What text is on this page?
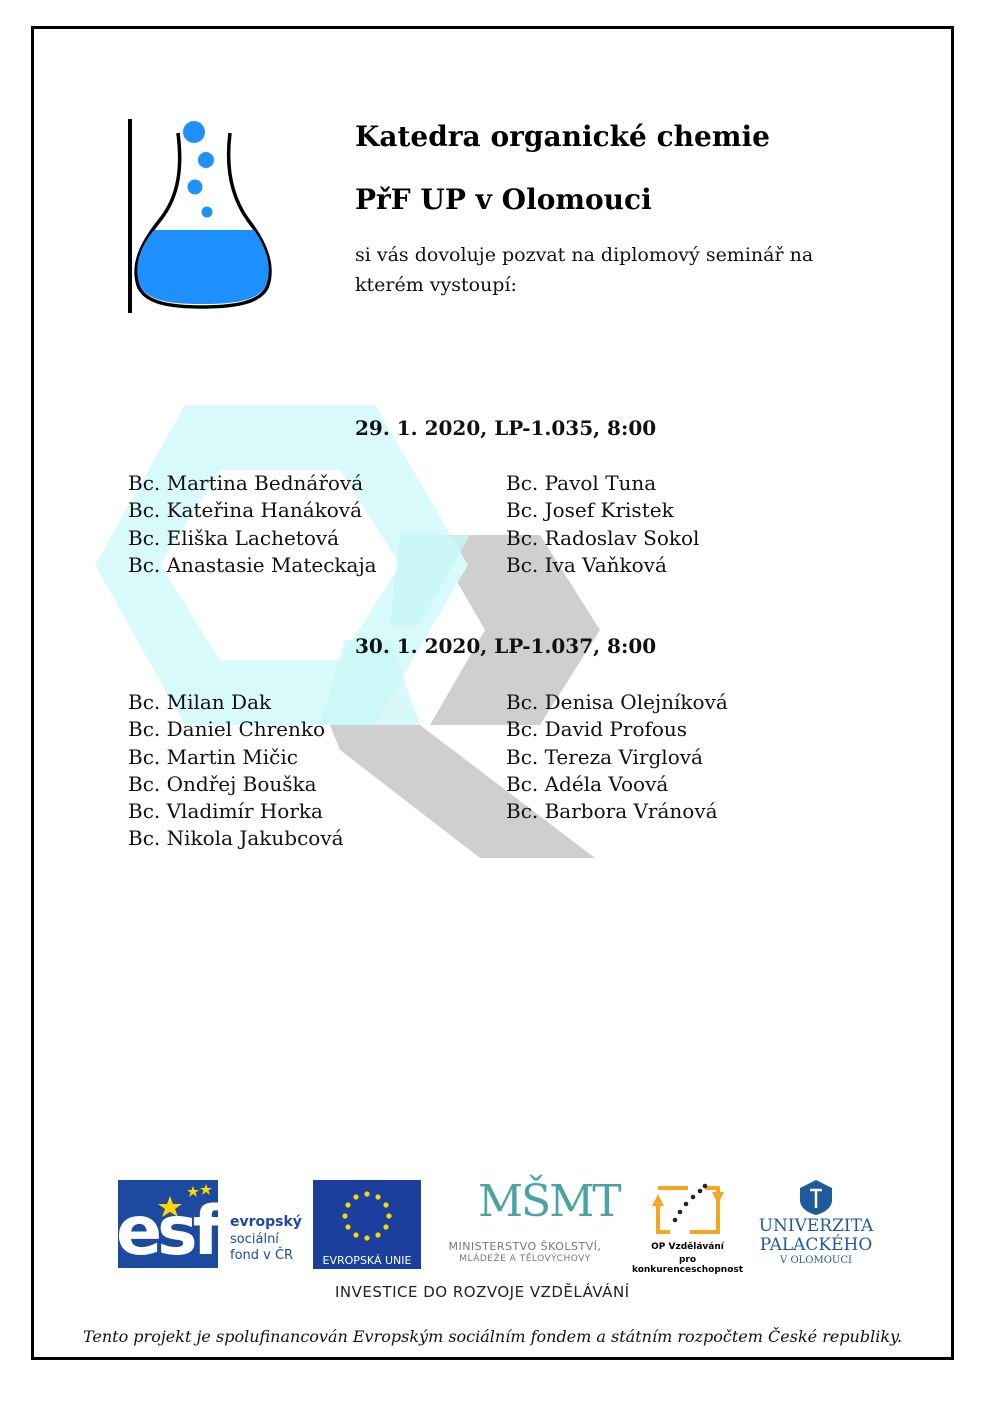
Katedra organické chemie
PřF UP v Olomouci
si vás dovoluje pozvat na diplomový seminář na kterém vystoupí:
29. 1. 2020, LP-1.035, 8:00
Bc. Martina Bednářová
Bc. Kateřina Hanáková
Bc. Eliška Lachetová
Bc. Anastasie Mateckaja
Bc. Pavol Tuna
Bc. Josef Kristek
Bc. Radoslav Sokol
Bc. Iva Vaňková
30. 1. 2020, LP-1.037, 8:00
Bc. Milan Dak
Bc. Daniel Chrenko
Bc. Martin Mičic
Bc. Ondřej Bouška
Bc. Vladimír Horka
Bc. Nikola Jakubcová
Bc. Denisa Olejníková
Bc. David Profous
Bc. Tereza Virglová
Bc. Adéla Voová
Bc. Barbora Vránová
esf evropský
sociální
fond v ČR	EVROPSKÁ UNIE
MŠMT
MINISTERSTVO ŠKOLSTVÍ,
MLÁDEŽE A TĚLOVÝCHOVY
OP Vzdělávání
pro konkurenceschopnost
UNIVERZITA
PALACKÉHO
V OLOMOUCI
INVESTICE DO ROZVOJE VZDĚLÁVÁNÍ
Tento projekt je spolufinancován Evropským sociálním fondem a státním rozpočtem České republiky.
